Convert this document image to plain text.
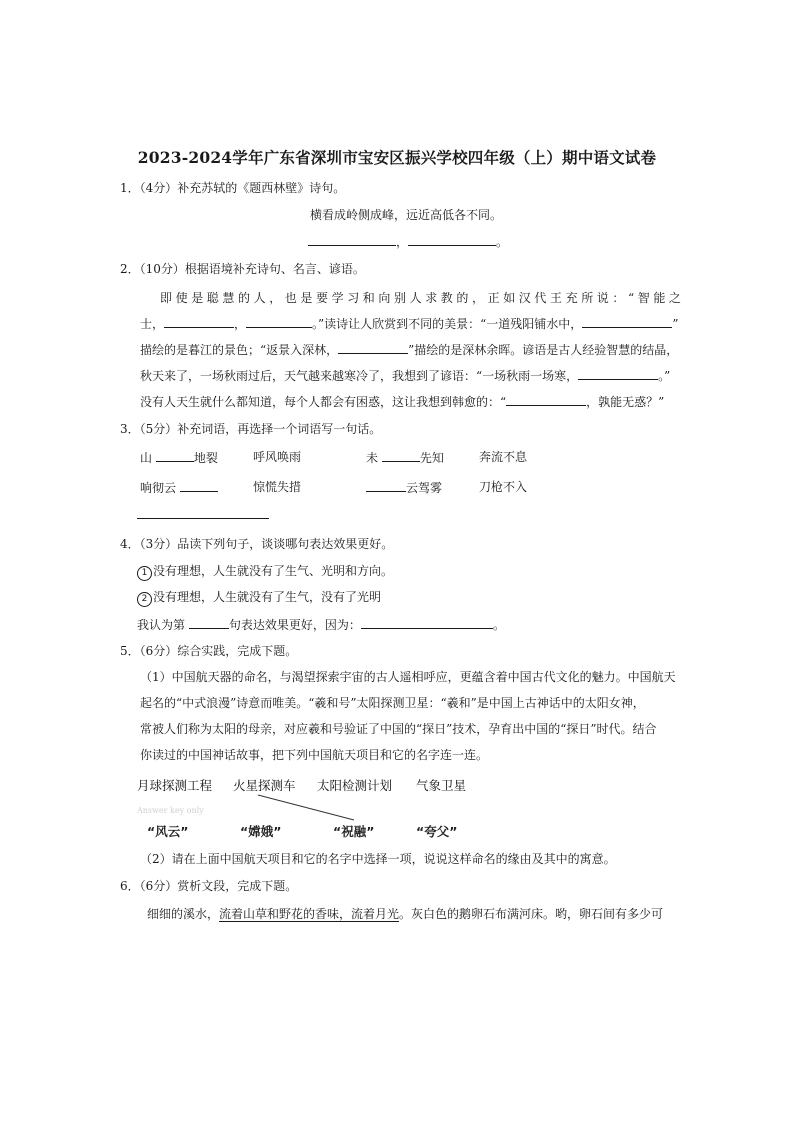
2023-2024学年广东省深圳市宝安区振兴学校四年级（上）期中语文试卷
1．（4分）补充苏轼的《题西林壁》诗句。
横看成岭侧成峰，远近高低各不同。
，	。
2．（10分）根据语境补充诗句、名言、谚语。
即使是聪慧的人，也是要学习和向别人求教的，正如汉代王充所说：“智能之
士，	，	。”读诗让人欣赏到不同的美景：“一道残阳铺水中，	”
描绘的是暮江的景色；“返景入深林，	”描绘的是深林余晖。谚语是古人经验智慧的结晶，
秋天来了，一场秋雨过后，天气越来越寒冷了，我想到了谚语：“一场秋雨一场寒，	。”
没有人天生就什么都知道，每个人都会有困惑，这让我想到韩愈的：“	，孰能无惑？”
3．（5分）补充词语，再选择一个词语写一句话。
山	地裂	呼风唤雨	未	先知	奔流不息
响彻云	惊慌失措	云驾雾	刀枪不入
4．（3分）品读下列句子，谈谈哪句表达效果更好。
1 没有理想，人生就没有了生气、光明和方向。
2 没有理想，人生就没有了生气，没有了光明
我认为第	句表达效果更好，因为：	。
5．（6分）综合实践，完成下题。
（1）中国航天器的命名，与渴望探索宇宙的古人遥相呼应，更蕴含着中国古代文化的魅力。中国航天
起名的“中式浪漫”诗意而唯美。“羲和号”太阳探测卫星：“羲和”是中国上古神话中的太阳女神，
常被人们称为太阳的母亲，对应羲和号验证了中国的“探日”技术，孕育出中国的“探日”时代。结合
你读过的中国神话故事，把下列中国航天项目和它的名字连一连。
月球探测工程 火星探测车 太阳检测计划 气象卫星
Answer key only
“风云”	“嫦娥”	“祝融”	“夸父”
（2）请在上面中国航天项目和它的名字中选择一项，说说这样命名的缘由及其中的寓意。
6．（6分）赏析文段，完成下题。
细细的溪水，流着山草和野花的香味，流着月光。灰白色的鹅卵石布满河床。哟，卵石间有多少可
